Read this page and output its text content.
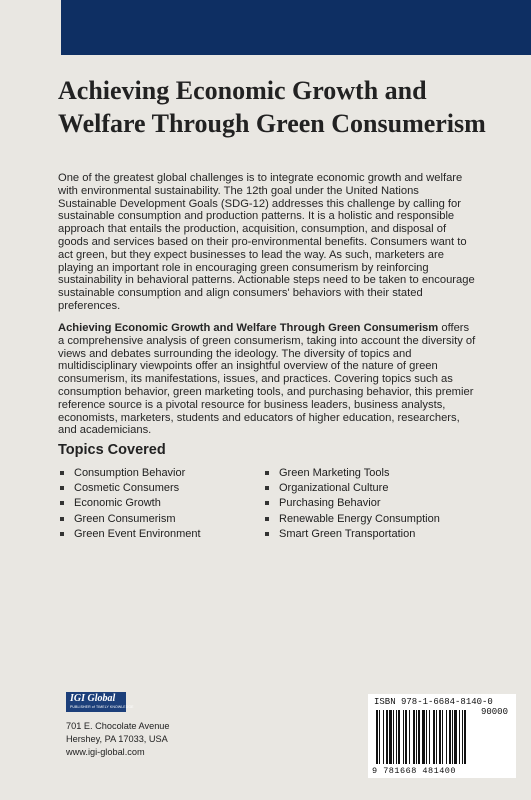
Achieving Economic Growth and Welfare Through Green Consumerism

One of the greatest global challenges is to integrate economic growth and welfare with environmental sustainability. The 12th goal under the United Nations Sustainable Development Goals (SDG-12) addresses this challenge by calling for sustainable consumption and production patterns. It is a holistic and responsible approach that entails the production, acquisition, consumption, and disposal of goods and services based on their pro-environmental benefits. Consumers want to act green, but they expect businesses to lead the way. As such, marketers are playing an important role in encouraging green consumerism by reinforcing sustainability in behavioral patterns. Actionable steps need to be taken to encourage sustainable consumption and align consumers' behaviors with their stated preferences.

Achieving Economic Growth and Welfare Through Green Consumerism offers a comprehensive analysis of green consumerism, taking into account the diversity of views and debates surrounding the ideology. The diversity of topics and multidisciplinary viewpoints offer an insightful overview of the nature of green consumerism, its manifestations, issues, and practices. Covering topics such as consumption behavior, green marketing tools, and purchasing behavior, this premier reference source is a pivotal resource for business leaders, business analysts, economists, marketers, students and educators of higher education, researchers, and academicians.

Topics Covered
Consumption Behavior
Cosmetic Consumers
Economic Growth
Green Consumerism
Green Event Environment
Green Marketing Tools
Organizational Culture
Purchasing Behavior
Renewable Energy Consumption
Smart Green Transportation
IGI Global
PUBLISHER of TIMELY KNOWLEDGE
701 E. Chocolate Avenue
Hershey, PA 17033, USA
www.igi-global.com
ISBN 978-1-6684-8140-0
90000
9 781668 481400
